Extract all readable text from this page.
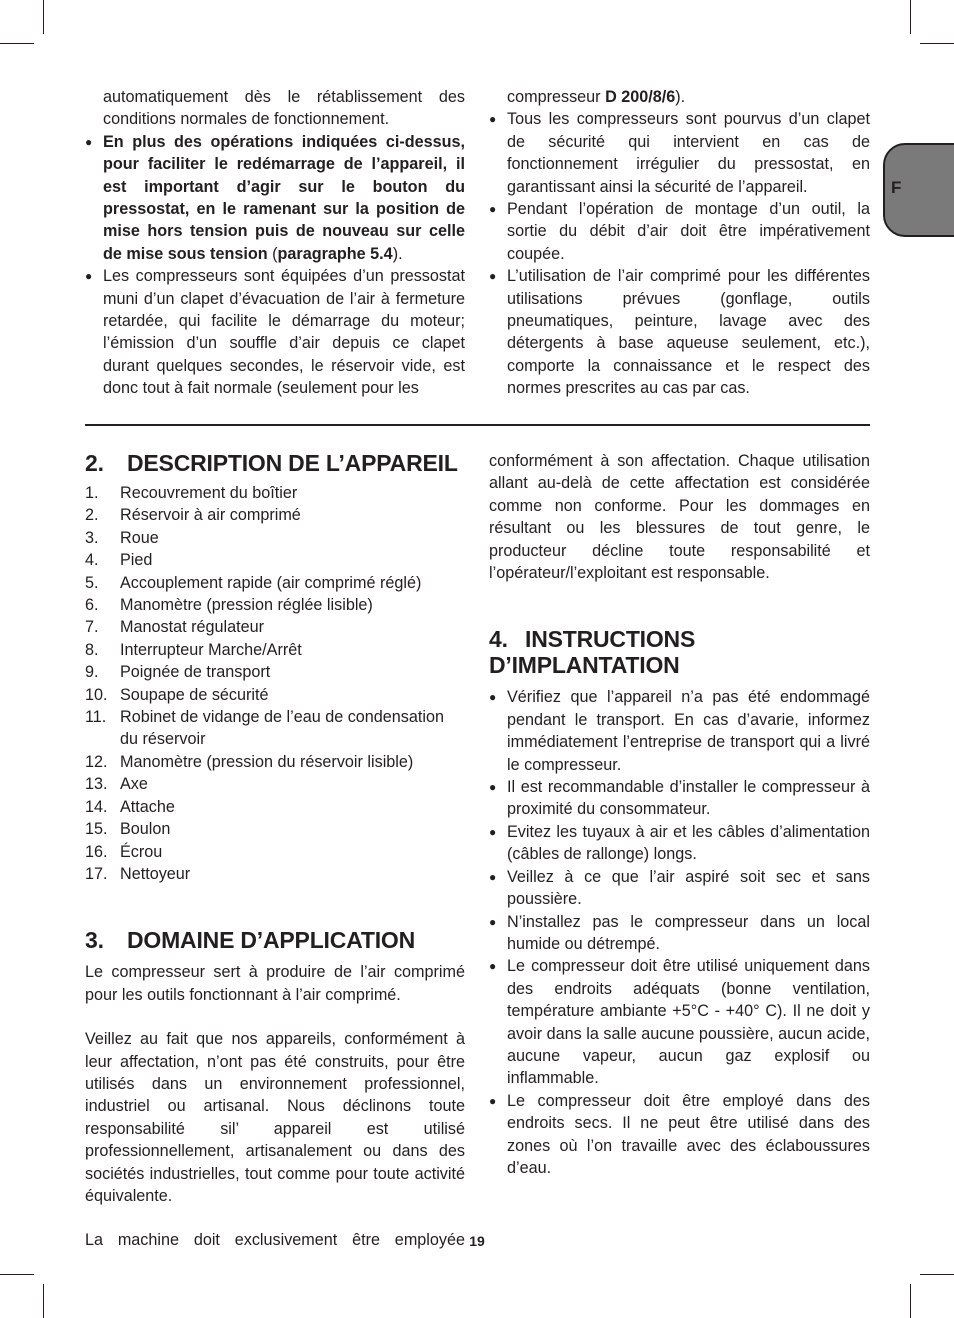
F

automatiquement dès le rétablissement des conditions normales de fonctionnement.

● En plus des opérations indiquées ci-dessus, pour faciliter le redémarrage de l’appareil, il est important d’agir sur le bouton du pressostat, en le ramenant sur la position de mise hors tension puis de nouveau sur celle de mise sous tension (paragraphe 5.4).
● Les compresseurs sont équipées d’un pressostat muni d’un clapet d’évacuation de l’air à fermeture retardée, qui facilite le démarrage du moteur; l’émission d’un souffle d’air depuis ce clapet durant quelques secondes, le réservoir vide, est donc tout à fait normale (seulement pour les

compresseur D 200/8/6).

● Tous les compresseurs sont pourvus d’un clapet de sécurité qui intervient en cas de fonctionnement irrégulier du pressostat, en garantissant ainsi la sécurité de l’appareil.
● Pendant l’opération de montage d’un outil, la sortie du débit d’air doit être impérativement coupée.
● L’utilisation de l’air comprimé pour les différentes utilisations prévues (gonflage, outils pneumatiques, peinture, lavage avec des détergents à base aqueuse seulement, etc.), comporte la connaissance et le respect des normes prescrites au cas par cas.
2. DESCRIPTION DE L’APPAREIL
1.	Recouvrement du boîtier
2.	Réservoir à air comprimé
3.	Roue
4.	Pied
5.	Accouplement rapide (air comprimé réglé)
6.	Manomètre (pression réglée lisible)
7.	Manostat régulateur
8.	Interrupteur Marche/Arrêt
9.	Poignée de transport
10. Soupape de sécurité
11. Robinet de vidange de l’eau de condensation du réservoir
12. Manomètre (pression du réservoir lisible)
13. Axe
14. Attache
15. Boulon
16. Écrou
17. Nettoyeur
3. DOMAINE D’APPLICATION

Le compresseur sert à produire de l’air comprimé pour les outils fonctionnant à l’air comprimé.

Veillez au fait que nos appareils, conformément à leur affectation, n’ont pas été construits, pour être utilisés dans un environnement professionnel, industriel ou artisanal. Nous déclinons toute responsabilité sil’ appareil est utilisé professionnellement, artisanalement ou dans des sociétés industrielles, tout comme pour toute activité équivalente.

La machine doit exclusivement être employée

conformément à son affectation. Chaque utilisation allant au-delà de cette affectation est considérée comme non conforme. Pour les dommages en résultant ou les blessures de tout genre, le producteur décline toute responsabilité et l’opérateur/l’exploitant est responsable.

4. INSTRUCTIONS D’IMPLANTATION
● Vérifiez que l’appareil n’a pas été endommagé pendant le transport. En cas d’avarie, informez immédiatement l’entreprise de transport qui a livré le compresseur.
● Il est recommandable d’installer le compresseur à proximité du consommateur.
● Evitez les tuyaux à air et les câbles d’alimentation (câbles de rallonge) longs.
● Veillez à ce que l’air aspiré soit sec et sans poussière.
● N’installez pas le compresseur dans un local humide ou détrempé.
● Le compresseur doit être utilisé uniquement dans des endroits adéquats (bonne ventilation, température ambiante +5°C - +40° C). Il ne doit y avoir dans la salle aucune poussière, aucun acide, aucune vapeur, aucun gaz explosif ou inflammable.
● Le compresseur doit être employé dans des endroits secs. Il ne peut être utilisé dans des zones où l’on travaille avec des éclaboussures d’eau.
19
